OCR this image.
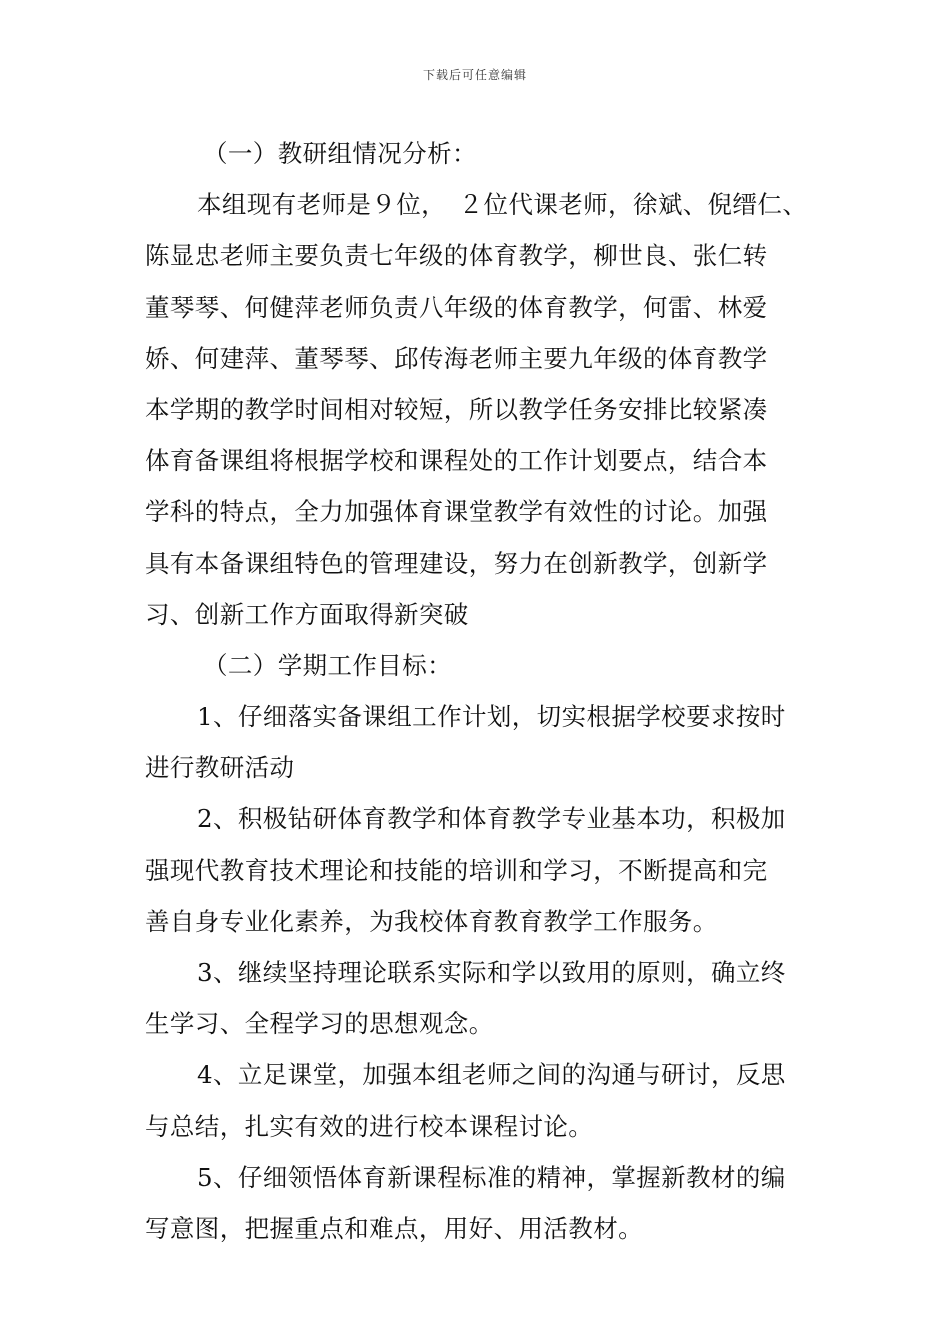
下载后可任意编辑

（一）教研组情况分析：

本组现有老师是９位，　２位代课老师，徐斌、倪缙仁、
陈显忠老师主要负责七年级的体育教学，柳世良、张仁转
董琴琴、何健萍老师负责八年级的体育教学，何雷、林爱
娇、何建萍、董琴琴、邱传海老师主要九年级的体育教学
本学期的教学时间相对较短，所以教学任务安排比较紧凑
体育备课组将根据学校和课程处的工作计划要点，结合本
学科的特点，全力加强体育课堂教学有效性的讨论。加强
具有本备课组特色的管理建设，努力在创新教学，创新学
习、创新工作方面取得新突破

（二）学期工作目标：

1、仔细落实备课组工作计划，切实根据学校要求按时
进行教研活动

2、积极钻研体育教学和体育教学专业基本功，积极加
强现代教育技术理论和技能的培训和学习，不断提高和完
善自身专业化素养，为我校体育教育教学工作服务。

3、继续坚持理论联系实际和学以致用的原则，确立终
生学习、全程学习的思想观念。

4、立足课堂，加强本组老师之间的沟通与研讨，反思
与总结，扎实有效的进行校本课程讨论。

5、仔细领悟体育新课程标准的精神，掌握新教材的编
写意图，把握重点和难点，用好、用活教材。
